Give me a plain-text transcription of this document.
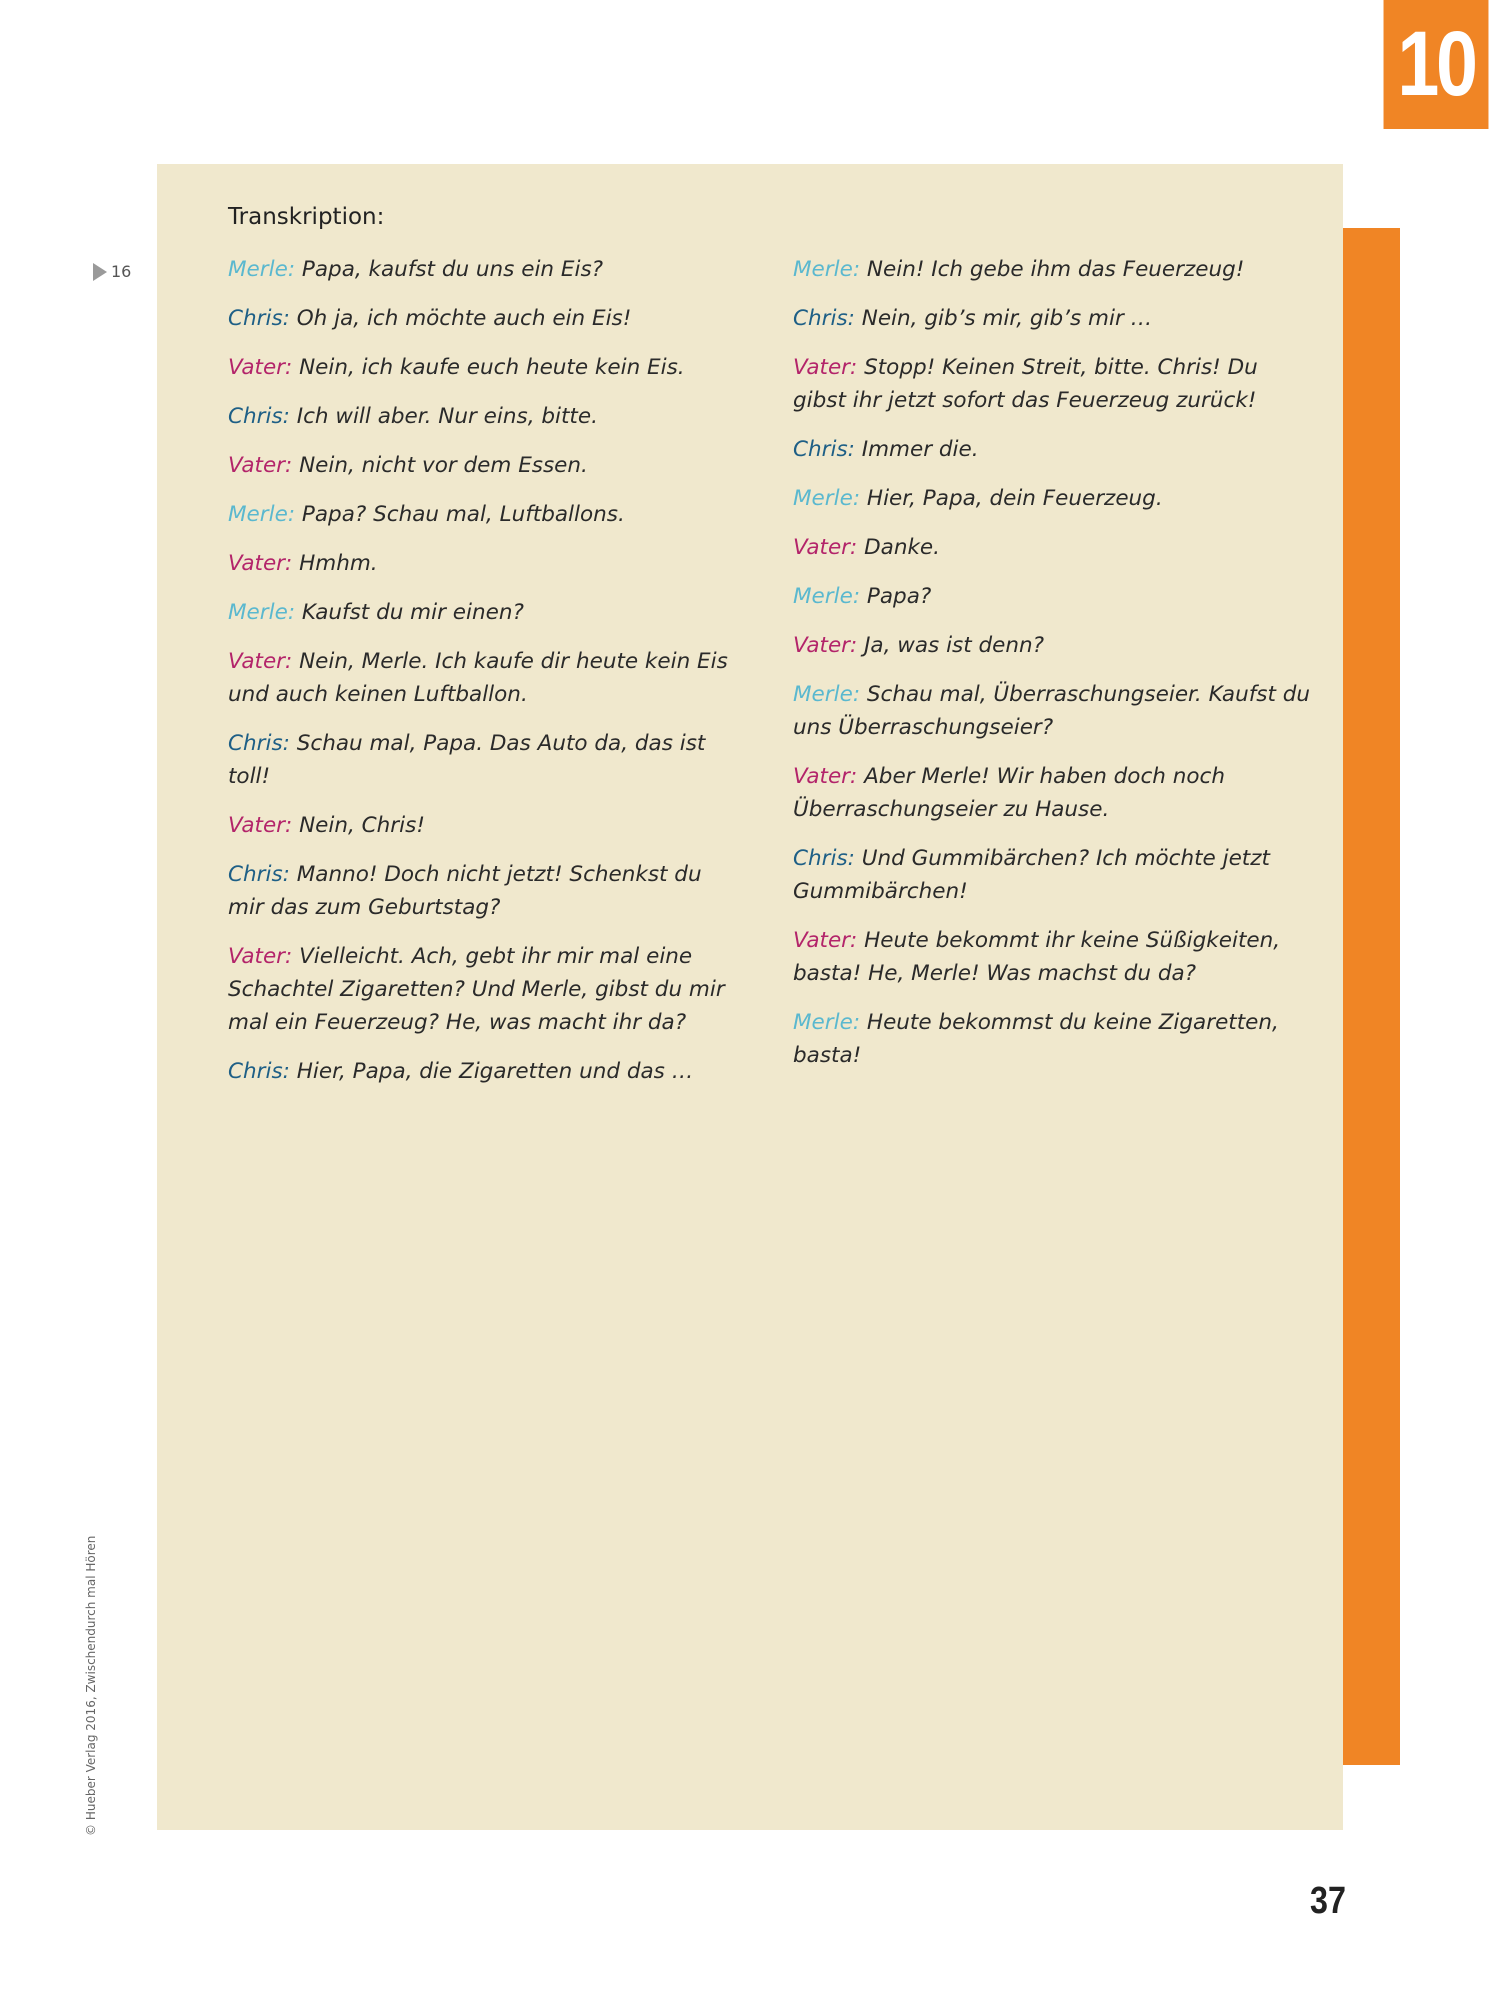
10
16
Transkription:

Merle: Papa, kaufst du uns ein Eis?

Chris: Oh ja, ich möchte auch ein Eis!

Vater: Nein, ich kaufe euch heute kein Eis.

Chris: Ich will aber. Nur eins, bitte.

Vater: Nein, nicht vor dem Essen.

Merle: Papa? Schau mal, Luftballons.

Vater: Hmhm.

Merle: Kaufst du mir einen?

Vater: Nein, Merle. Ich kaufe dir heute kein Eis und auch keinen Luftballon.

Chris: Schau mal, Papa. Das Auto da, das ist toll!

Vater: Nein, Chris!

Chris: Manno! Doch nicht jetzt! Schenkst du mir das zum Geburtstag?

Vater: Vielleicht. Ach, gebt ihr mir mal eine Schachtel Zigaretten? Und Merle, gibst du mir mal ein Feuerzeug? He, was macht ihr da?

Chris: Hier, Papa, die Zigaretten und das …

Merle: Nein! Ich gebe ihm das Feuerzeug!

Chris: Nein, gib’s mir, gib’s mir …

Vater: Stopp! Keinen Streit, bitte. Chris! Du gibst ihr jetzt sofort das Feuerzeug zurück!

Chris: Immer die.

Merle: Hier, Papa, dein Feuerzeug.

Vater: Danke.

Merle: Papa?

Vater: Ja, was ist denn?

Merle: Schau mal, Überraschungseier. Kaufst du uns Überraschungseier?

Vater: Aber Merle! Wir haben doch noch Überraschungseier zu Hause.

Chris: Und Gummibärchen? Ich möchte jetzt Gummibärchen!

Vater: Heute bekommt ihr keine Süßigkeiten, basta! He, Merle! Was machst du da?

Merle: Heute bekommst du keine Zigaretten, basta!

© Hueber Verlag 2016, Zwischendurch mal Hören
37
